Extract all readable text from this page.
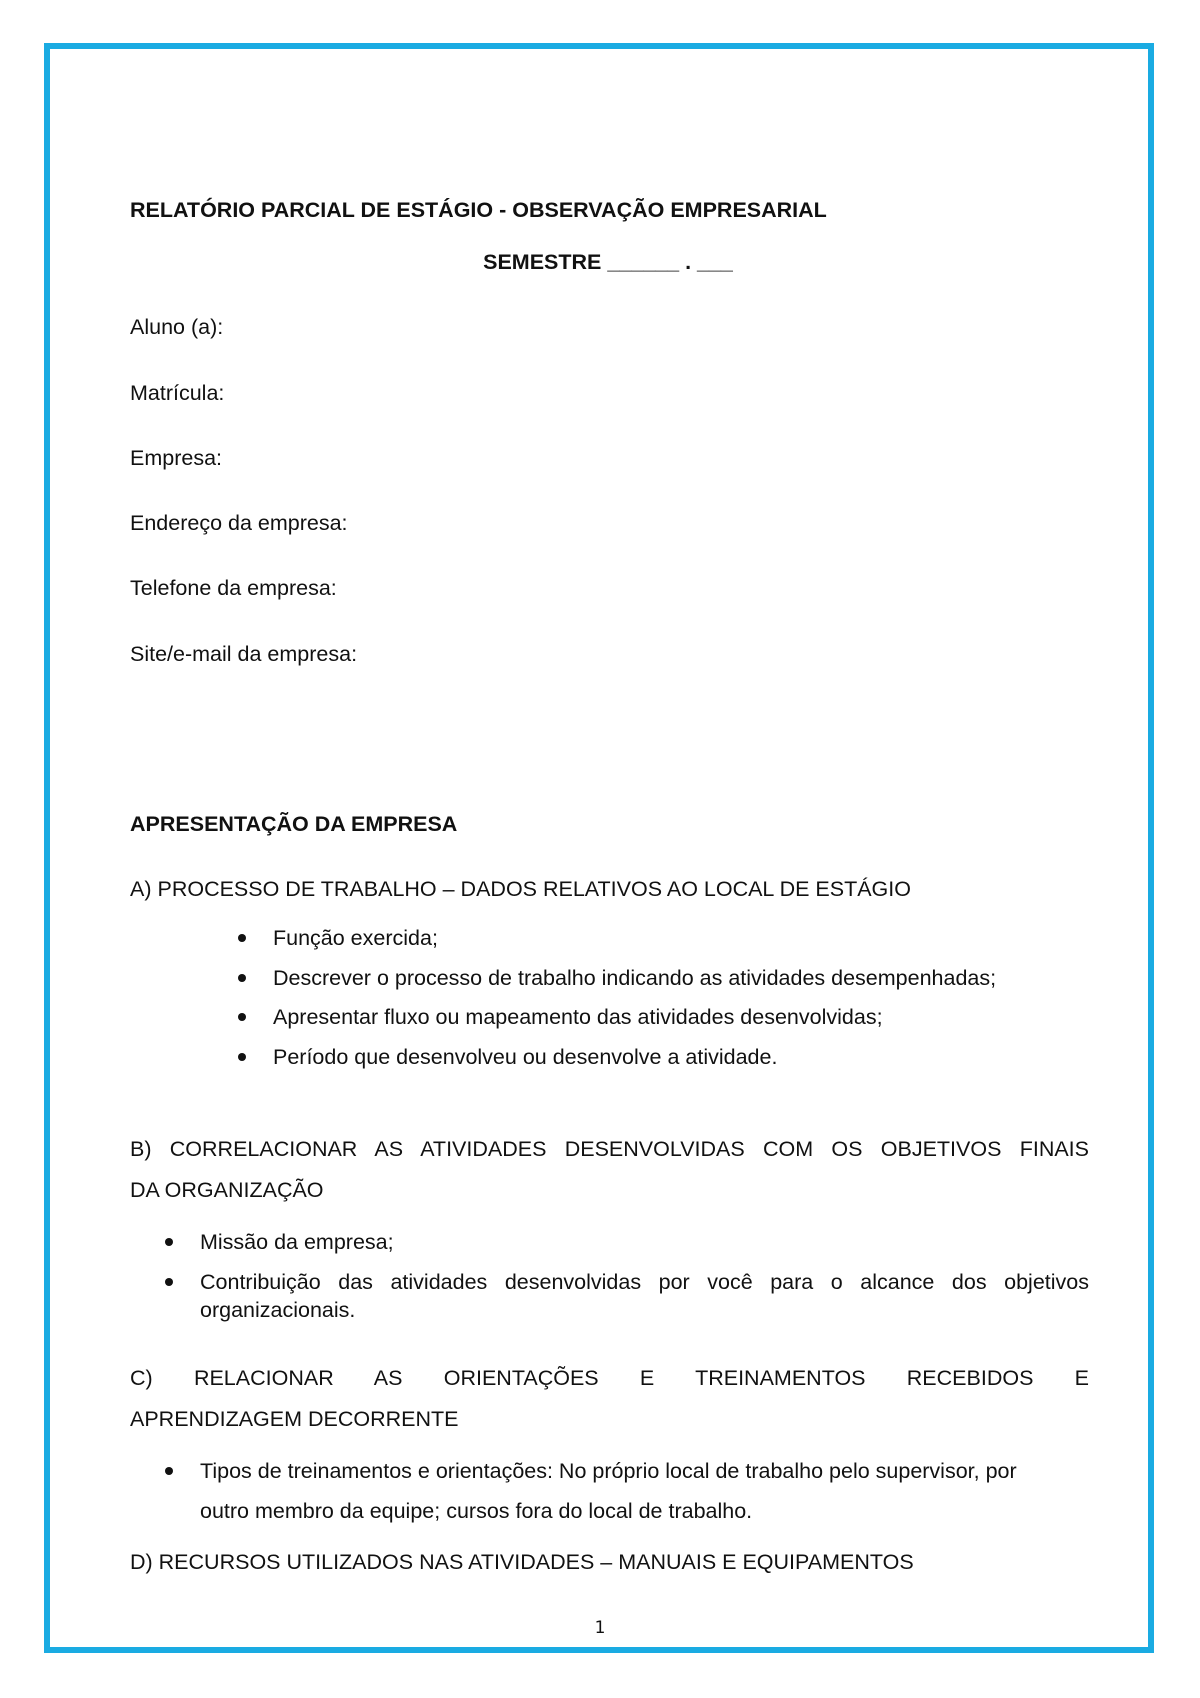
RELATÓRIO PARCIAL DE ESTÁGIO - OBSERVAÇÃO EMPRESARIAL
SEMESTRE ______ . ___
Aluno (a):
Matrícula:
Empresa:
Endereço da empresa:
Telefone da empresa:
Site/e-mail da empresa:
APRESENTAÇÃO DA EMPRESA
A) PROCESSO DE TRABALHO – DADOS RELATIVOS AO LOCAL DE ESTÁGIO
Função exercida;
Descrever o processo de trabalho indicando as atividades desempenhadas;
Apresentar fluxo ou mapeamento das atividades desenvolvidas;
Período que desenvolveu ou desenvolve a atividade.
B) CORRELACIONAR AS ATIVIDADES DESENVOLVIDAS COM OS OBJETIVOS FINAIS
DA ORGANIZAÇÃO
Missão da empresa;
Contribuição das atividades desenvolvidas por você para o alcance dos objetivos
organizacionais.
C) RELACIONAR AS ORIENTAÇÕES E TREINAMENTOS RECEBIDOS E
APRENDIZAGEM DECORRENTE
Tipos de treinamentos e orientações: No próprio local de trabalho pelo supervisor, por
outro membro da equipe; cursos fora do local de trabalho.
D) RECURSOS UTILIZADOS NAS ATIVIDADES – MANUAIS E EQUIPAMENTOS
1
